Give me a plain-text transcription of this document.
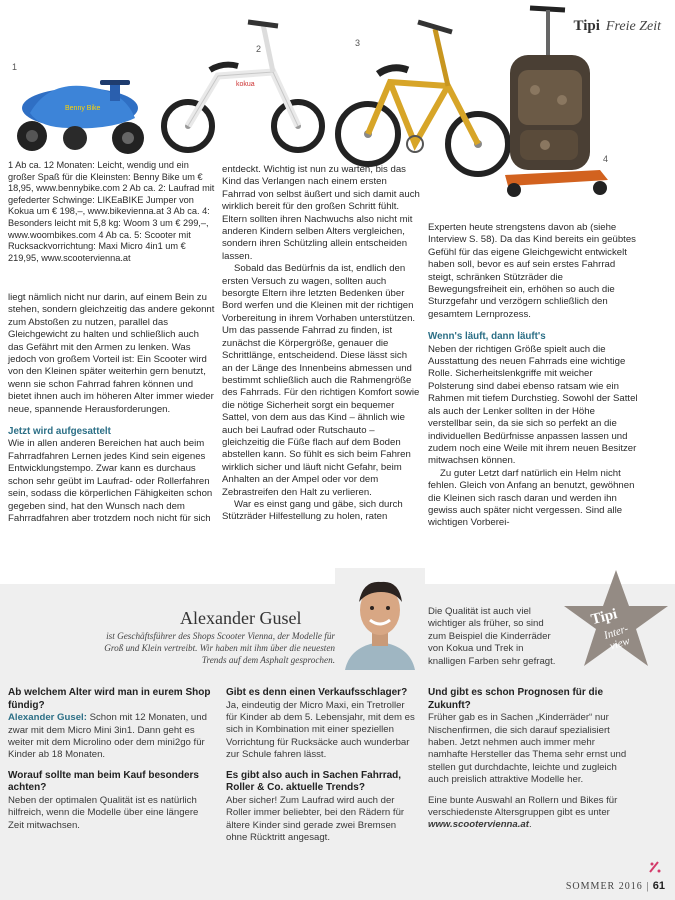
Tipi Freie Zeit
1
Benny Bike
2
kokua
3
4
1 Ab ca. 12 Monaten: Leicht, wendig und ein großer Spaß für die Kleinsten: Benny Bike um € 18,95, www.bennybike.com 2 Ab ca. 2: Laufrad mit gefederter Schwinge: LIKEaBIKE Jumper von Kokua um € 198,–, www.bikevienna.at 3 Ab ca. 4: Besonders leicht mit 5,8 kg: Woom 3 um € 299,–, www.woombikes.com 4 Ab ca. 5: Scooter mit Rucksackvorrichtung: Maxi Micro 4in1 um € 219,95, www.scootervienna.at

liegt nämlich nicht nur darin, auf einem Bein zu stehen, sondern gleichzeitig das andere gekonnt zum Abstoßen zu nutzen, parallel das Gleichgewicht zu halten und schließlich auch das Gefährt mit den Armen zu lenken. Was jedoch von großem Vorteil ist: Ein Scooter wird von den Kleinen später weiterhin gern benutzt, wenn sie schon Fahrrad fahren können und bietet ihnen auch im höheren Alter immer wieder neue, spannende Herausforderungen.

Jetzt wird aufgesattelt

Wie in allen anderen Bereichen hat auch beim Fahrradfahren Lernen jedes Kind sein eigenes Entwicklungstempo. Zwar kann es durchaus schon sehr geübt im Laufrad- oder Rollerfahren sein, sodass die körperlichen Fähigkeiten schon gegeben sind, hat den Wunsch nach dem Fahrradfahren aber trotzdem noch nicht für sich

entdeckt. Wichtig ist nun zu warten, bis das Kind das Verlangen nach einem ersten Fahrrad von selbst äußert und sich damit auch wirklich bereit für den großen Schritt fühlt. Eltern sollten ihren Nachwuchs also nicht mit anderen Kindern selben Alters vergleichen, sondern ihren Schützling allein entscheiden lassen.

Sobald das Bedürfnis da ist, endlich den ersten Versuch zu wagen, sollten auch besorgte Eltern ihre letzten Bedenken über Bord werfen und die Kleinen mit der richtigen Vorbereitung in ihrem Vorhaben unterstützen. Um das passende Fahrrad zu finden, ist zunächst die Körpergröße, genauer die Schrittlänge, entscheidend. Diese lässt sich an der Länge des Innenbeins abmessen und bestimmt schließlich auch die Rahmengröße des Fahrrads. Für den richtigen Komfort sowie die nötige Sicherheit sorgt ein bequemer Sattel, von dem aus das Kind – ähnlich wie auch bei Laufrad oder Rutschauto – gleichzeitig die Füße flach auf dem Boden abstellen kann. So fühlt es sich beim Fahren wirklich sicher und läuft nicht Gefahr, beim Anhalten an der Ampel oder vor dem Zebrastreifen den Halt zu verlieren.

War es einst gang und gäbe, sich durch Stützräder Hilfestellung zu holen, raten

Experten heute strengstens davon ab (siehe Interview S. 58). Da das Kind bereits ein geübtes Gefühl für das eigene Gleichgewicht entwickelt haben soll, bevor es auf sein erstes Fahrrad steigt, schränken Stützräder die Bewegungsfreiheit ein, erhöhen so auch die Sturzgefahr und verzögern schließlich den gesamtem Lernprozess.

Wenn's läuft, dann läuft's

Neben der richtigen Größe spielt auch die Ausstattung des neuen Fahrrads eine wichtige Rolle. Sicherheitslenkgriffe mit weicher Polsterung sind dabei ebenso ratsam wie ein Rahmen mit tiefem Durchstieg. Sowohl der Sattel als auch der Lenker sollten in der Höhe verstellbar sein, da sie sich so perfekt an die individuellen Bedürfnisse anpassen lassen und zudem noch eine Weile mit ihrem neuen Besitzer mitwachsen können.

Zu guter Letzt darf natürlich ein Helm nicht fehlen. Gleich von Anfang an benutzt, gewöhnen die Kleinen sich rasch daran und werden ihn gewiss auch später nicht vergessen. Sind alle wichtigen Vorberei-

Alexander Gusel
ist Geschäftsführer des Shops Scooter Vienna, der Modelle für Groß und Klein vertreibt. Wir haben mit ihm über die neuesten Trends auf dem Asphalt gesprochen.
Tipi
Inter-view
Die Qualität ist auch viel wichtiger als früher, so sind zum Beispiel die Kinderräder von Kokua und Trek in knalligen Farben sehr gefragt.
Ab welchem Alter wird man in eurem Shop fündig?
Alexander Gusel: Schon mit 12 Monaten, und zwar mit dem Micro Mini 3in1. Dann geht es weiter mit dem Microlino oder dem mini2go für Kinder ab 18 Monaten.
Worauf sollte man beim Kauf besonders achten?
Neben der optimalen Qualität ist es natürlich hilfreich, wenn die Modelle über eine längere Zeit mitwachsen.
Gibt es denn einen Verkaufsschlager?
Ja, eindeutig der Micro Maxi, ein Tretroller für Kinder ab dem 5. Lebensjahr, mit dem es sich in Kombination mit einer speziellen Vorrichtung für Rucksäcke auch wunderbar zur Schule fahren lässt.
Es gibt also auch in Sachen Fahrrad, Roller & Co. aktuelle Trends?
Aber sicher! Zum Laufrad wird auch der Roller immer beliebter, bei den Rädern für ältere Kinder sind gerade zwei Bremsen ohne Rücktritt angesagt.
Und gibt es schon Prognosen für die Zukunft?
Früher gab es in Sachen „Kinderräder“ nur Nischenfirmen, die sich darauf spezialisiert haben. Jetzt nehmen auch immer mehr namhafte Hersteller das Thema sehr ernst und stellen gut durchdachte, leichte und zugleich auch preislich attraktive Modelle her.
Eine bunte Auswahl an Rollern und Bikes für verschiedenste Altersgruppen gibt es unter www.scootervienna.at.
SOMMER 2016 | 61
